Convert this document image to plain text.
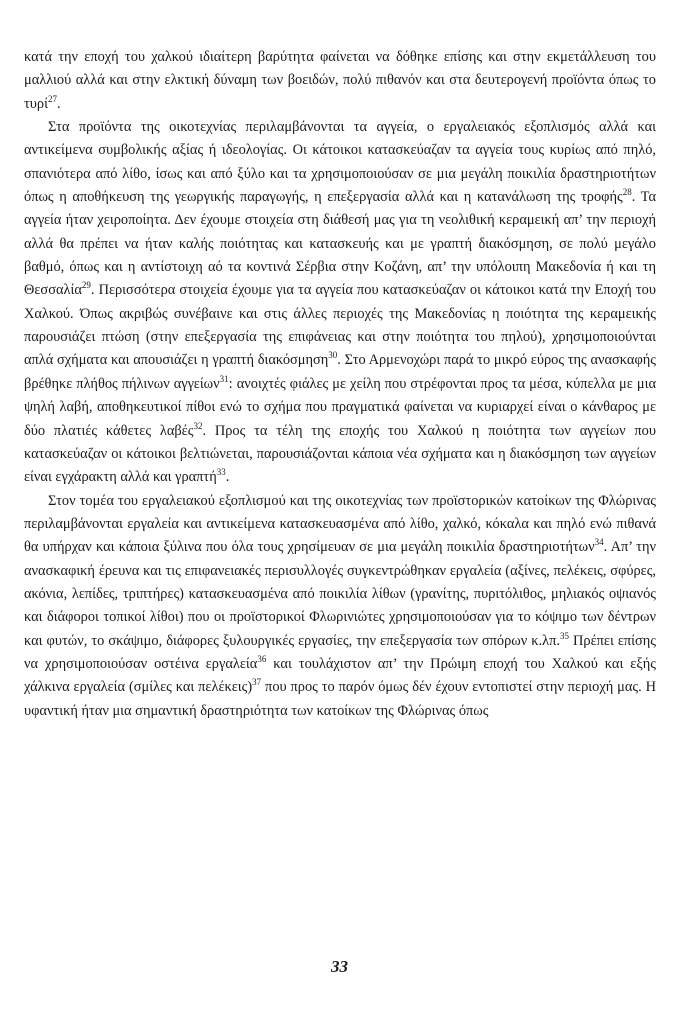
κατά την εποχή του χαλκού ιδιαίτερη βαρύτητα φαίνεται να δόθηκε επίσης και στην εκμετάλλευση του μαλλιού αλλά και στην ελκτική δύναμη των βοειδών, πολύ πιθανόν και στα δευτερογενή προϊόντα όπως το τυρί$^{27}$.

Στα προϊόντα της οικοτεχνίας περιλαμβάνονται τα αγγεία, ο εργαλειακός εξοπλισμός αλλά και αντικείμενα συμβολικής αξίας ή ιδεολογίας. Οι κάτοικοι κατασκεύαζαν τα αγγεία τους κυρίως από πηλό, σπανιότερα από λίθο, ίσως και από ξύλο και τα χρησιμοποιούσαν σε μια μεγάλη ποικιλία δραστηριοτήτων όπως η αποθήκευση της γεωργικής παραγωγής, η επεξεργασία αλλά και η κατανάλωση της τροφής$^{28}$. Τα αγγεία ήταν χειροποίητα. Δεν έχουμε στοιχεία στη διάθεσή μας για τη νεολιθική κεραμεική απ’ την περιοχή αλλά θα πρέπει να ήταν καλής ποιότητας και κατασκευής και με γραπτή διακόσμηση, σε πολύ μεγάλο βαθμό, όπως και η αντίστοιχη αό τα κοντινά Σέρβια στην Κοζάνη, απ’ την υπόλοιπη Μακεδονία ή και τη Θεσσαλία$^{29}$. Περισσότερα στοιχεία έχουμε για τα αγγεία που κατασκεύαζαν οι κάτοικοι κατά την Εποχή του Χαλκού. Όπως ακριβώς συνέβαινε και στις άλλες περιοχές της Μακεδονίας η ποιότητα της κεραμεικής παρουσιάζει πτώση (στην επεξεργασία της επιφάνειας και στην ποιότητα του πηλού), χρησιμοποιούνται απλά σχήματα και απουσιάζει η γραπτή διακόσμηση$^{30}$. Στο Αρμενοχώρι παρά το μικρό εύρος της ανασκαφής βρέθηκε πλήθος πήλινων αγγείων$^{31}$: ανοιχτές φιάλες με χείλη που στρέφονται προς τα μέσα, κύπελλα με μια ψηλή λαβή, αποθηκευτικοί πίθοι ενώ το σχήμα που πραγματικά φαίνεται να κυριαρχεί είναι ο κάνθαρος με δύο πλατιές κάθετες λαβές$^{32}$. Προς τα τέλη της εποχής του Χαλκού η ποιότητα των αγγείων που κατασκεύαζαν οι κάτοικοι βελτιώνεται, παρουσιάζονται κάποια νέα σχήματα και η διακόσμηση των αγγείων είναι εγχάρακτη αλλά και γραπτή$^{33}$.

Στον τομέα του εργαλειακού εξοπλισμού και της οικοτεχνίας των προϊστορικών κατοίκων της Φλώρινας περιλαμβάνονται εργαλεία και αντικείμενα κατασκευασμένα από λίθο, χαλκό, κόκαλα και πηλό ενώ πιθανά θα υπήρχαν και κάποια ξύλινα που όλα τους χρησίμευαν σε μια μεγάλη ποικιλία δραστηριοτήτων$^{34}$. Απ’ την ανασκαφική έρευνα και τις επιφανειακές περισυλλογές συγκεντρώθηκαν εργαλεία (αξίνες, πελέκεις, σφύρες, ακόνια, λεπίδες, τριπτήρες) κατασκευασμένα από ποικιλία λίθων (γρανίτης, πυριτόλιθος, μηλιακός οψιανός και διάφοροι τοπικοί λίθοι) που οι προϊστορικοί Φλωρινιώτες χρησιμοποιούσαν για το κόψιμο των δέντρων και φυτών, το σκάψιμο, διάφορες ξυλουργικές εργασίες, την επεξεργασία των σπόρων κ.λπ.$^{35}$ Πρέπει επίσης να χρησιμοποιούσαν οστέινα εργαλεία$^{36}$ και τουλάχιστον απ’ την Πρώιμη εποχή του Χαλκού και εξής χάλκινα εργαλεία (σμίλες και πελέκεις)$^{37}$ που προς το παρόν όμως δέν έχουν εντοπιστεί στην περιοχή μας. Η υφαντική ήταν μια σημαντική δραστηριότητα των κατοίκων της Φλώρινας όπως

33
